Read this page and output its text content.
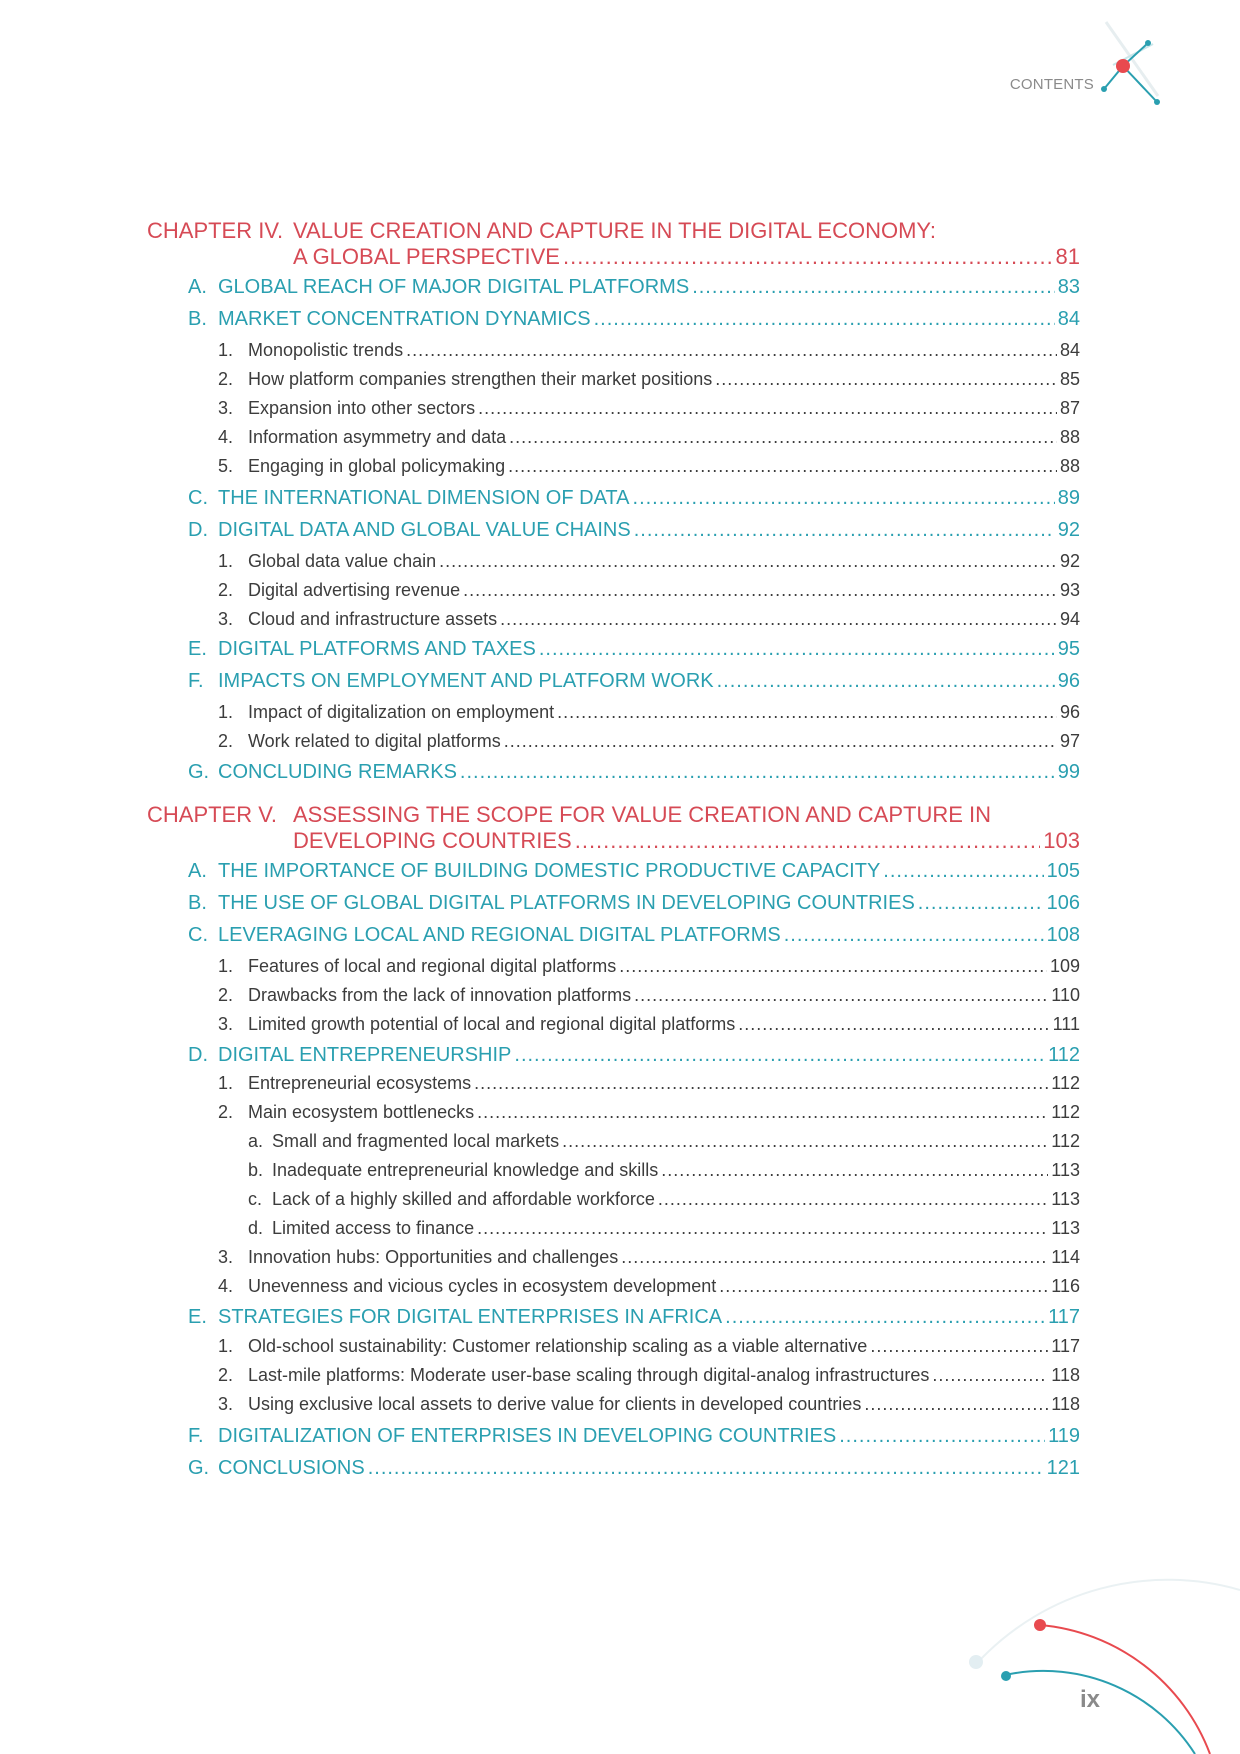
CONTENTS
CHAPTER IV. VALUE CREATION AND CAPTURE IN THE DIGITAL ECONOMY:
A GLOBAL PERSPECTIVE .....	81
A. GLOBAL REACH OF MAJOR DIGITAL PLATFORMS .....	83
B. MARKET CONCENTRATION DYNAMICS .....	84
1. Monopolistic trends .....	84
2. How platform companies strengthen their market positions .....	85
3. Expansion into other sectors .....	87
4. Information asymmetry and data .....	88
5. Engaging in global policymaking .....	88
C. THE INTERNATIONAL DIMENSION OF DATA .....	89
D. DIGITAL DATA AND GLOBAL VALUE CHAINS .....	92
1. Global data value chain .....	92
2. Digital advertising revenue .....	93
3. Cloud and infrastructure assets .....	94
E. DIGITAL PLATFORMS AND TAXES .....	95
F. IMPACTS ON EMPLOYMENT AND PLATFORM WORK .....	96
1. Impact of digitalization on employment .....	96
2. Work related to digital platforms .....	97
G. CONCLUDING REMARKS .....	99
CHAPTER V. ASSESSING THE SCOPE FOR VALUE CREATION AND CAPTURE IN
DEVELOPING COUNTRIES .....	103
A. THE IMPORTANCE OF BUILDING DOMESTIC PRODUCTIVE CAPACITY .....	105
B. THE USE OF GLOBAL DIGITAL PLATFORMS IN DEVELOPING COUNTRIES .....	106
C. LEVERAGING LOCAL AND REGIONAL DIGITAL PLATFORMS .....	108
1. Features of local and regional digital platforms .....	109
2. Drawbacks from the lack of innovation platforms .....	110
3. Limited growth potential of local and regional digital platforms .....	111
D. DIGITAL ENTREPRENEURSHIP .....	112
1. Entrepreneurial ecosystems .....	112
2. Main ecosystem bottlenecks .....	112
a. Small and fragmented local markets .....	112
b. Inadequate entrepreneurial knowledge and skills .....	113
c. Lack of a highly skilled and affordable workforce .....	113
d. Limited access to finance .....	113
3. Innovation hubs: Opportunities and challenges .....	114
4. Unevenness and vicious cycles in ecosystem development .....	116
E. STRATEGIES FOR DIGITAL ENTERPRISES IN AFRICA .....	117
1. Old-school sustainability: Customer relationship scaling as a viable alternative .....	117
2. Last-mile platforms: Moderate user-base scaling through digital-analog infrastructures .....	118
3. Using exclusive local assets to derive value for clients in developed countries .....	118
F. DIGITALIZATION OF ENTERPRISES IN DEVELOPING COUNTRIES .....	119
G. CONCLUSIONS .....	121
ix
